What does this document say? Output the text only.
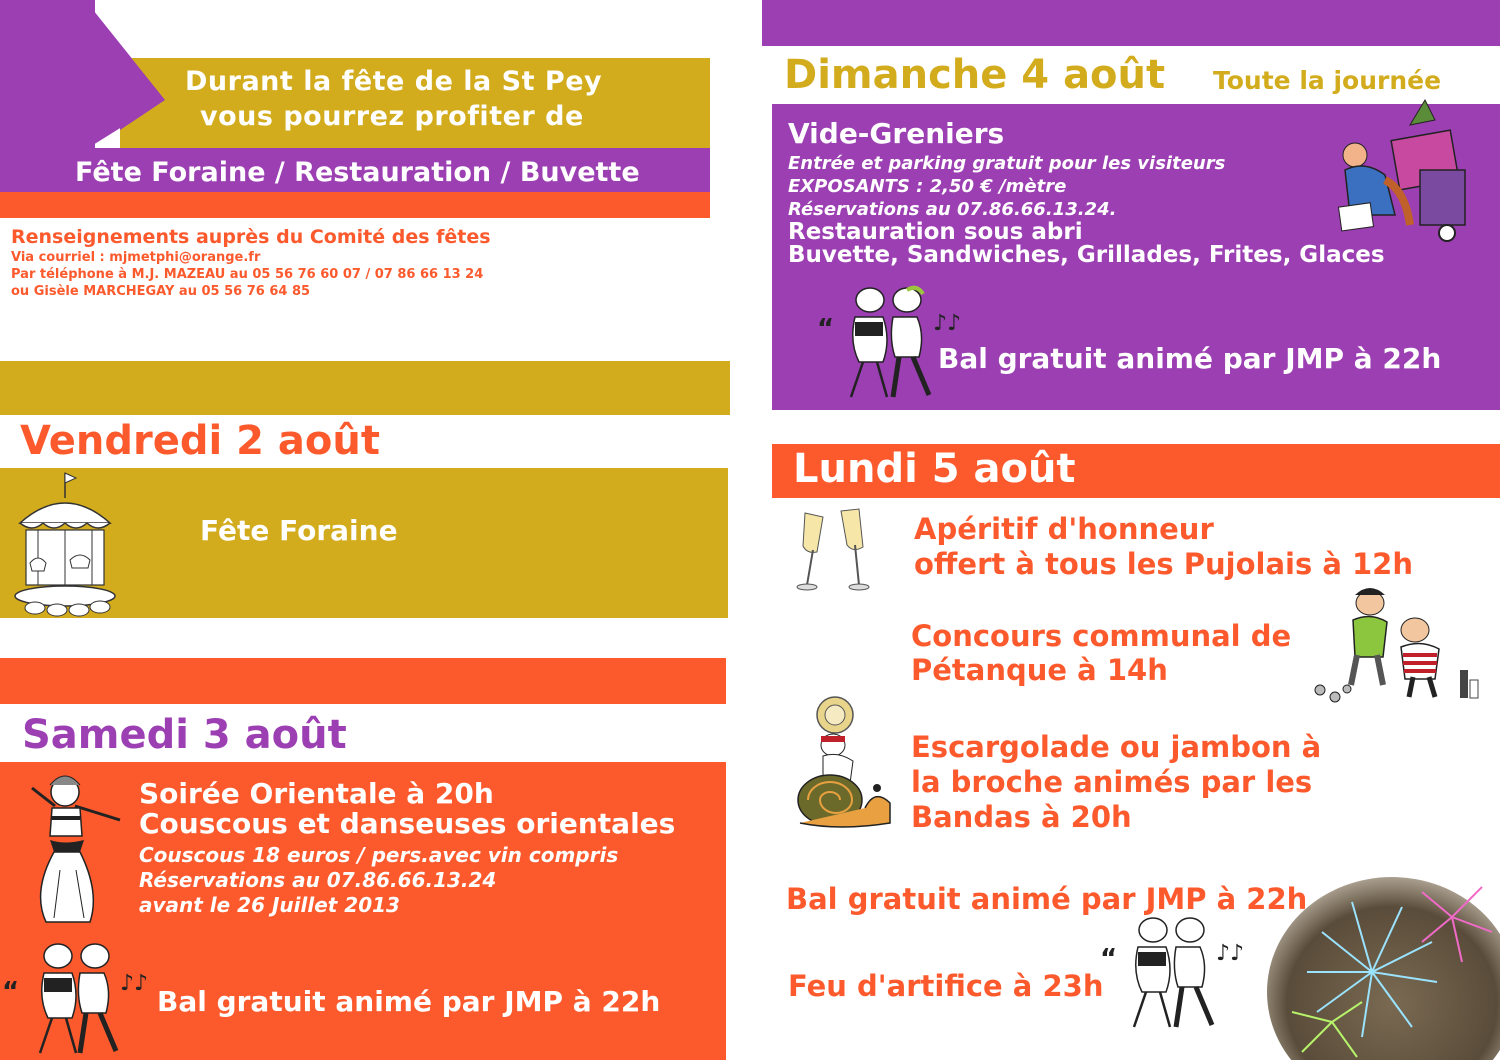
Durant la fête de la St Pey
vous pourrez profiter de
Fête Foraine / Restauration / Buvette
Renseignements auprès du Comité des fêtes
Via courriel : mjmetphi@orange.fr
Par téléphone à M.J. MAZEAU au 05 56 76 60 07 / 07 86 66 13 24
ou Gisèle MARCHEGAY au 05 56 76 64 85
Vendredi 2 août
Fête Foraine
Samedi 3 août
Soirée Orientale à 20h
Couscous et danseuses orientales
Couscous 18 euros / pers.avec vin compris
Réservations au 07.86.66.13.24
avant le 26 Juillet 2013
“	♪♪
Bal gratuit animé par JMP à 22h
Dimanche 4 août Toute la journée
Vide-Greniers
Entrée et parking gratuit pour les visiteurs
EXPOSANTS : 2,50 € /mètre
Réservations au 07.86.66.13.24.
Restauration sous abri
Buvette, Sandwiches, Grillades, Frites, Glaces
“	♪♪
Bal gratuit animé par JMP à 22h
Lundi 5 août
Apéritif d'honneur
offert à tous les Pujolais à 12h
Concours communal de
Pétanque à 14h
Escargolade ou jambon à
la broche animés par les
Bandas à 20h
Bal gratuit animé par JMP à 22h
“	♪♪
Feu d'artifice à 23h
